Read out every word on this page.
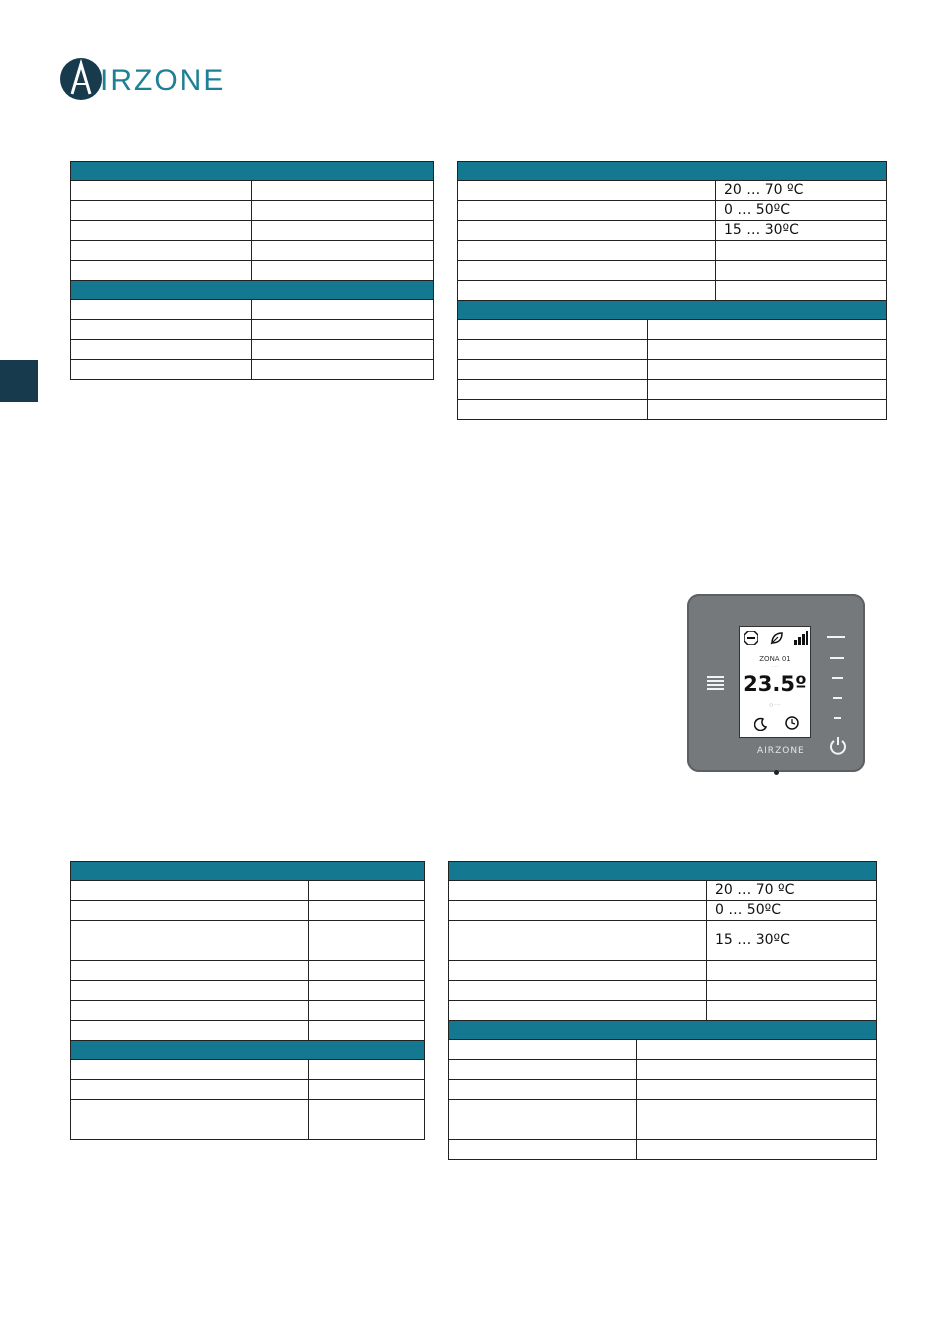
IRZONE

		20 … 70 ºC
		0 … 50ºC
		15 … 30ºC

ZONA 01
· · ·
23.5º
○ · · ·
AIRZONE

		20 … 70 ºC
		0 … 50ºC
		15 … 30ºC
